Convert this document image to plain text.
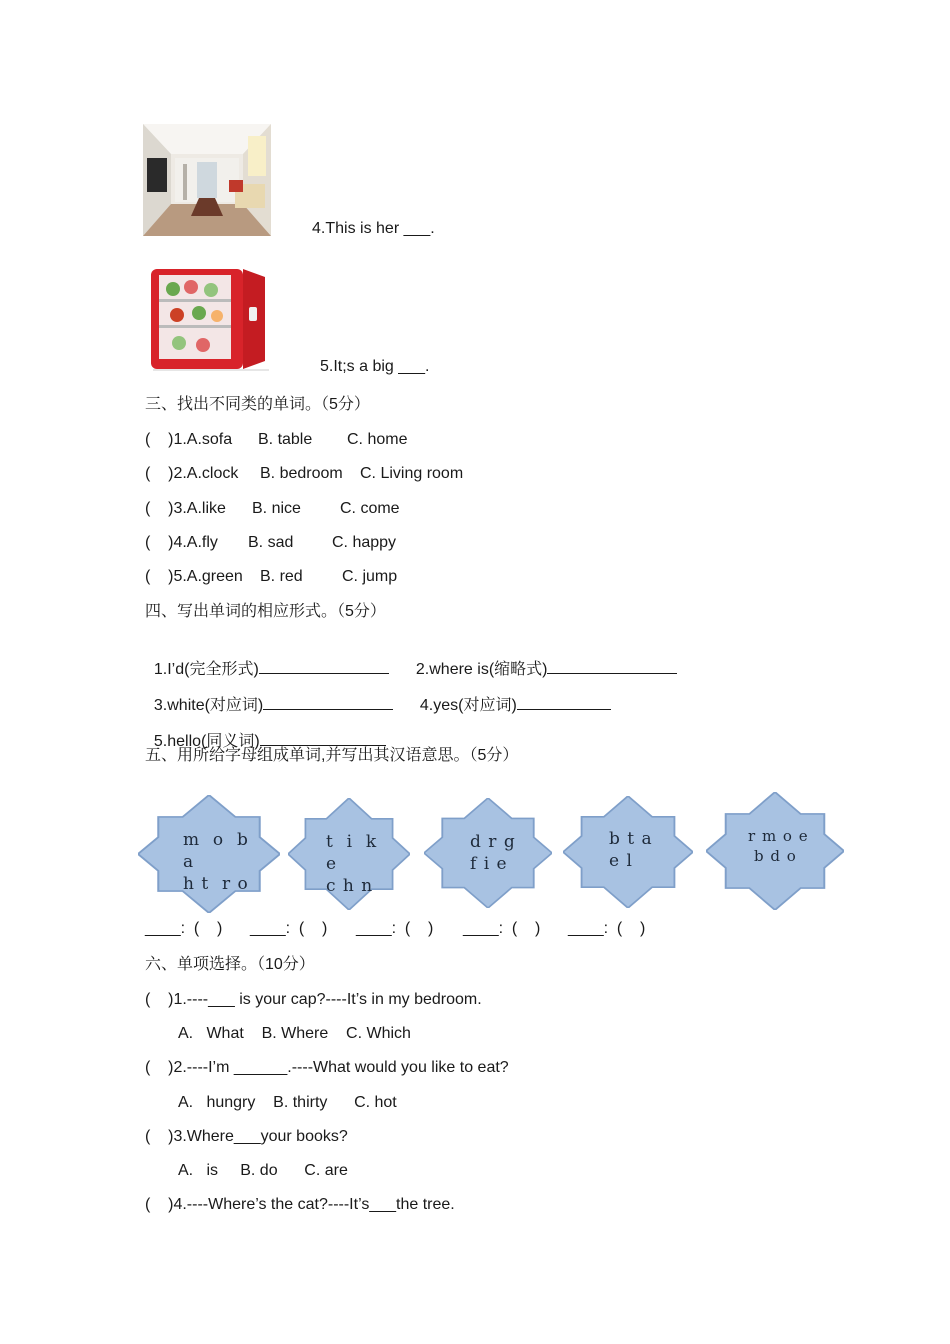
4.This is her ___.
5.It;s a big ___.
三、找出不同类的单词。（5分）
(    )1.A.sofa B. table C. home
(    )2.A.clock B. bedroom C. Living room
(    )3.A.like B. nice C. come
(    )4.A.fly B. sad C. happy
(    )5.A.green B. red C. jump
四、写出单词的相应形式。（5分）

1.I’d(完全形式)	2.where is(缩略式)

3.white(对应词)	4.yes(对应词)

5.hello(同义词)

五、用所给字母组成单词,并写出其汉语意思。（5分）
m  o  b
a
h t  r o
t  i  k
e
c h n
d r g
f i e
b t a
e l
r m o e
b d o
____:  (    ) ____:  (    ) ____:  (    ) ____:  (    ) ____:  (    )
六、单项选择。（10分）
(    )1.----___ is your cap?----It’s in my bedroom.
A.   What    B. Where    C. Which
(    )2.----I’m ______.----What would you like to eat?
A.   hungry    B. thirty      C. hot
(    )3.Where___your books?
A.   is     B. do      C. are
(    )4.----Where’s the cat?----It’s___the tree.
